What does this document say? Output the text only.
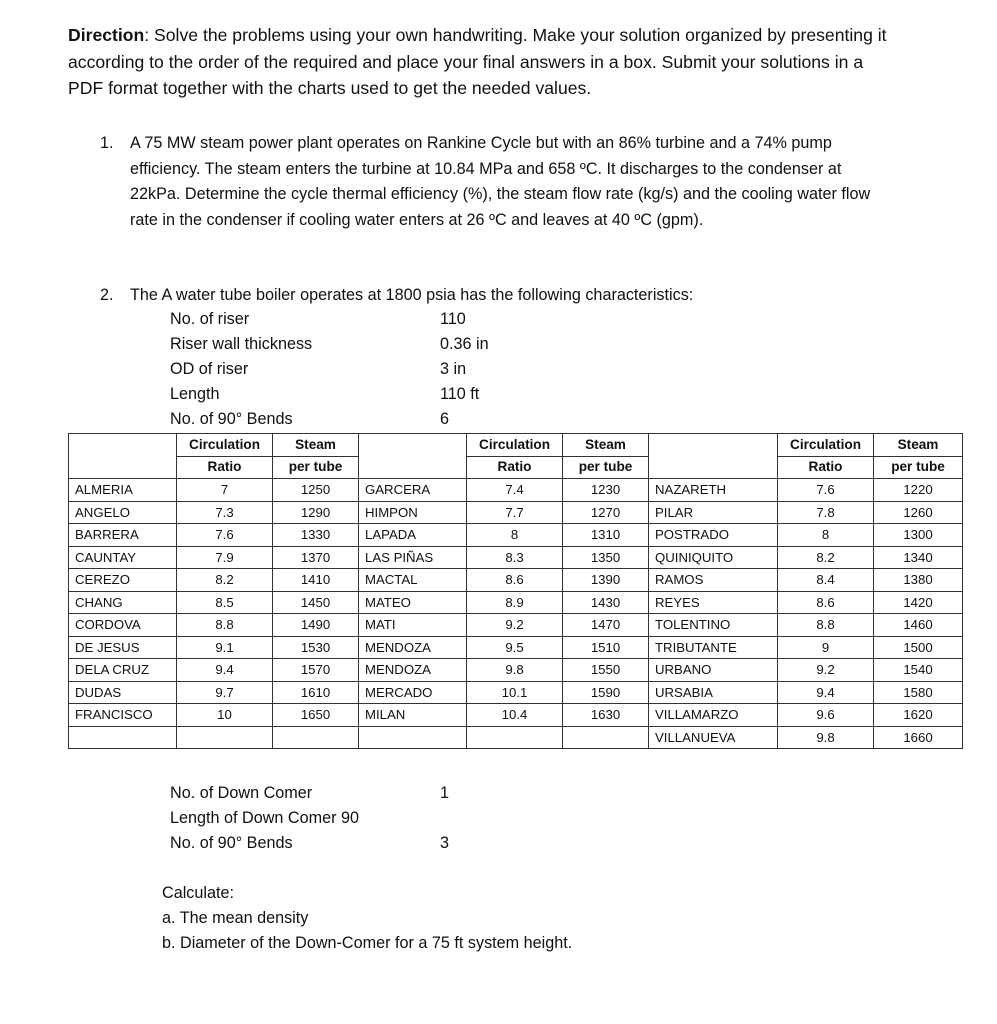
Direction: Solve the problems using your own handwriting. Make your solution organized by presenting it according to the order of the required and place your final answers in a box. Submit your solutions in a PDF format together with the charts used to get the needed values.
1. A 75 MW steam power plant operates on Rankine Cycle but with an 86% turbine and a 74% pump efficiency. The steam enters the turbine at 10.84 MPa and 658 ºC. It discharges to the condenser at 22kPa. Determine the cycle thermal efficiency (%), the steam flow rate (kg/s) and the cooling water flow rate in the condenser if cooling water enters at 26 ºC and leaves at 40 ºC (gpm).
2. The A water tube boiler operates at 1800 psia has the following characteristics:
No. of riser	110
Riser wall thickness	0.36 in
OD of riser	3 in
Length	110 ft
No. of 90° Bends	6
	Circulation	Steam		Circulation	Steam		Circulation	Steam
	Ratio	per tube		Ratio	per tube		Ratio	per tube
ALMERIA	7	1250	GARCERA	7.4	1230	NAZARETH	7.6	1220
ANGELO	7.3	1290	HIMPON	7.7	1270	PILAR	7.8	1260
BARRERA	7.6	1330	LAPADA	8	1310	POSTRADO	8	1300
CAUNTAY	7.9	1370	LAS PIÑAS	8.3	1350	QUINIQUITO	8.2	1340
CEREZO	8.2	1410	MACTAL	8.6	1390	RAMOS	8.4	1380
CHANG	8.5	1450	MATEO	8.9	1430	REYES	8.6	1420
CORDOVA	8.8	1490	MATI	9.2	1470	TOLENTINO	8.8	1460
DE JESUS	9.1	1530	MENDOZA	9.5	1510	TRIBUTANTE	9	1500
DELA CRUZ	9.4	1570	MENDOZA	9.8	1550	URBANO	9.2	1540
DUDAS	9.7	1610	MERCADO	10.1	1590	URSABIA	9.4	1580
FRANCISCO	10	1650	MILAN	10.4	1630	VILLAMARZO	9.6	1620
						VILLANUEVA	9.8	1660
No. of Down Comer	1
Length of Down Comer 90
No. of 90° Bends	3
Calculate:
a. The mean density
b. Diameter of the Down-Comer for a 75 ft system height.
